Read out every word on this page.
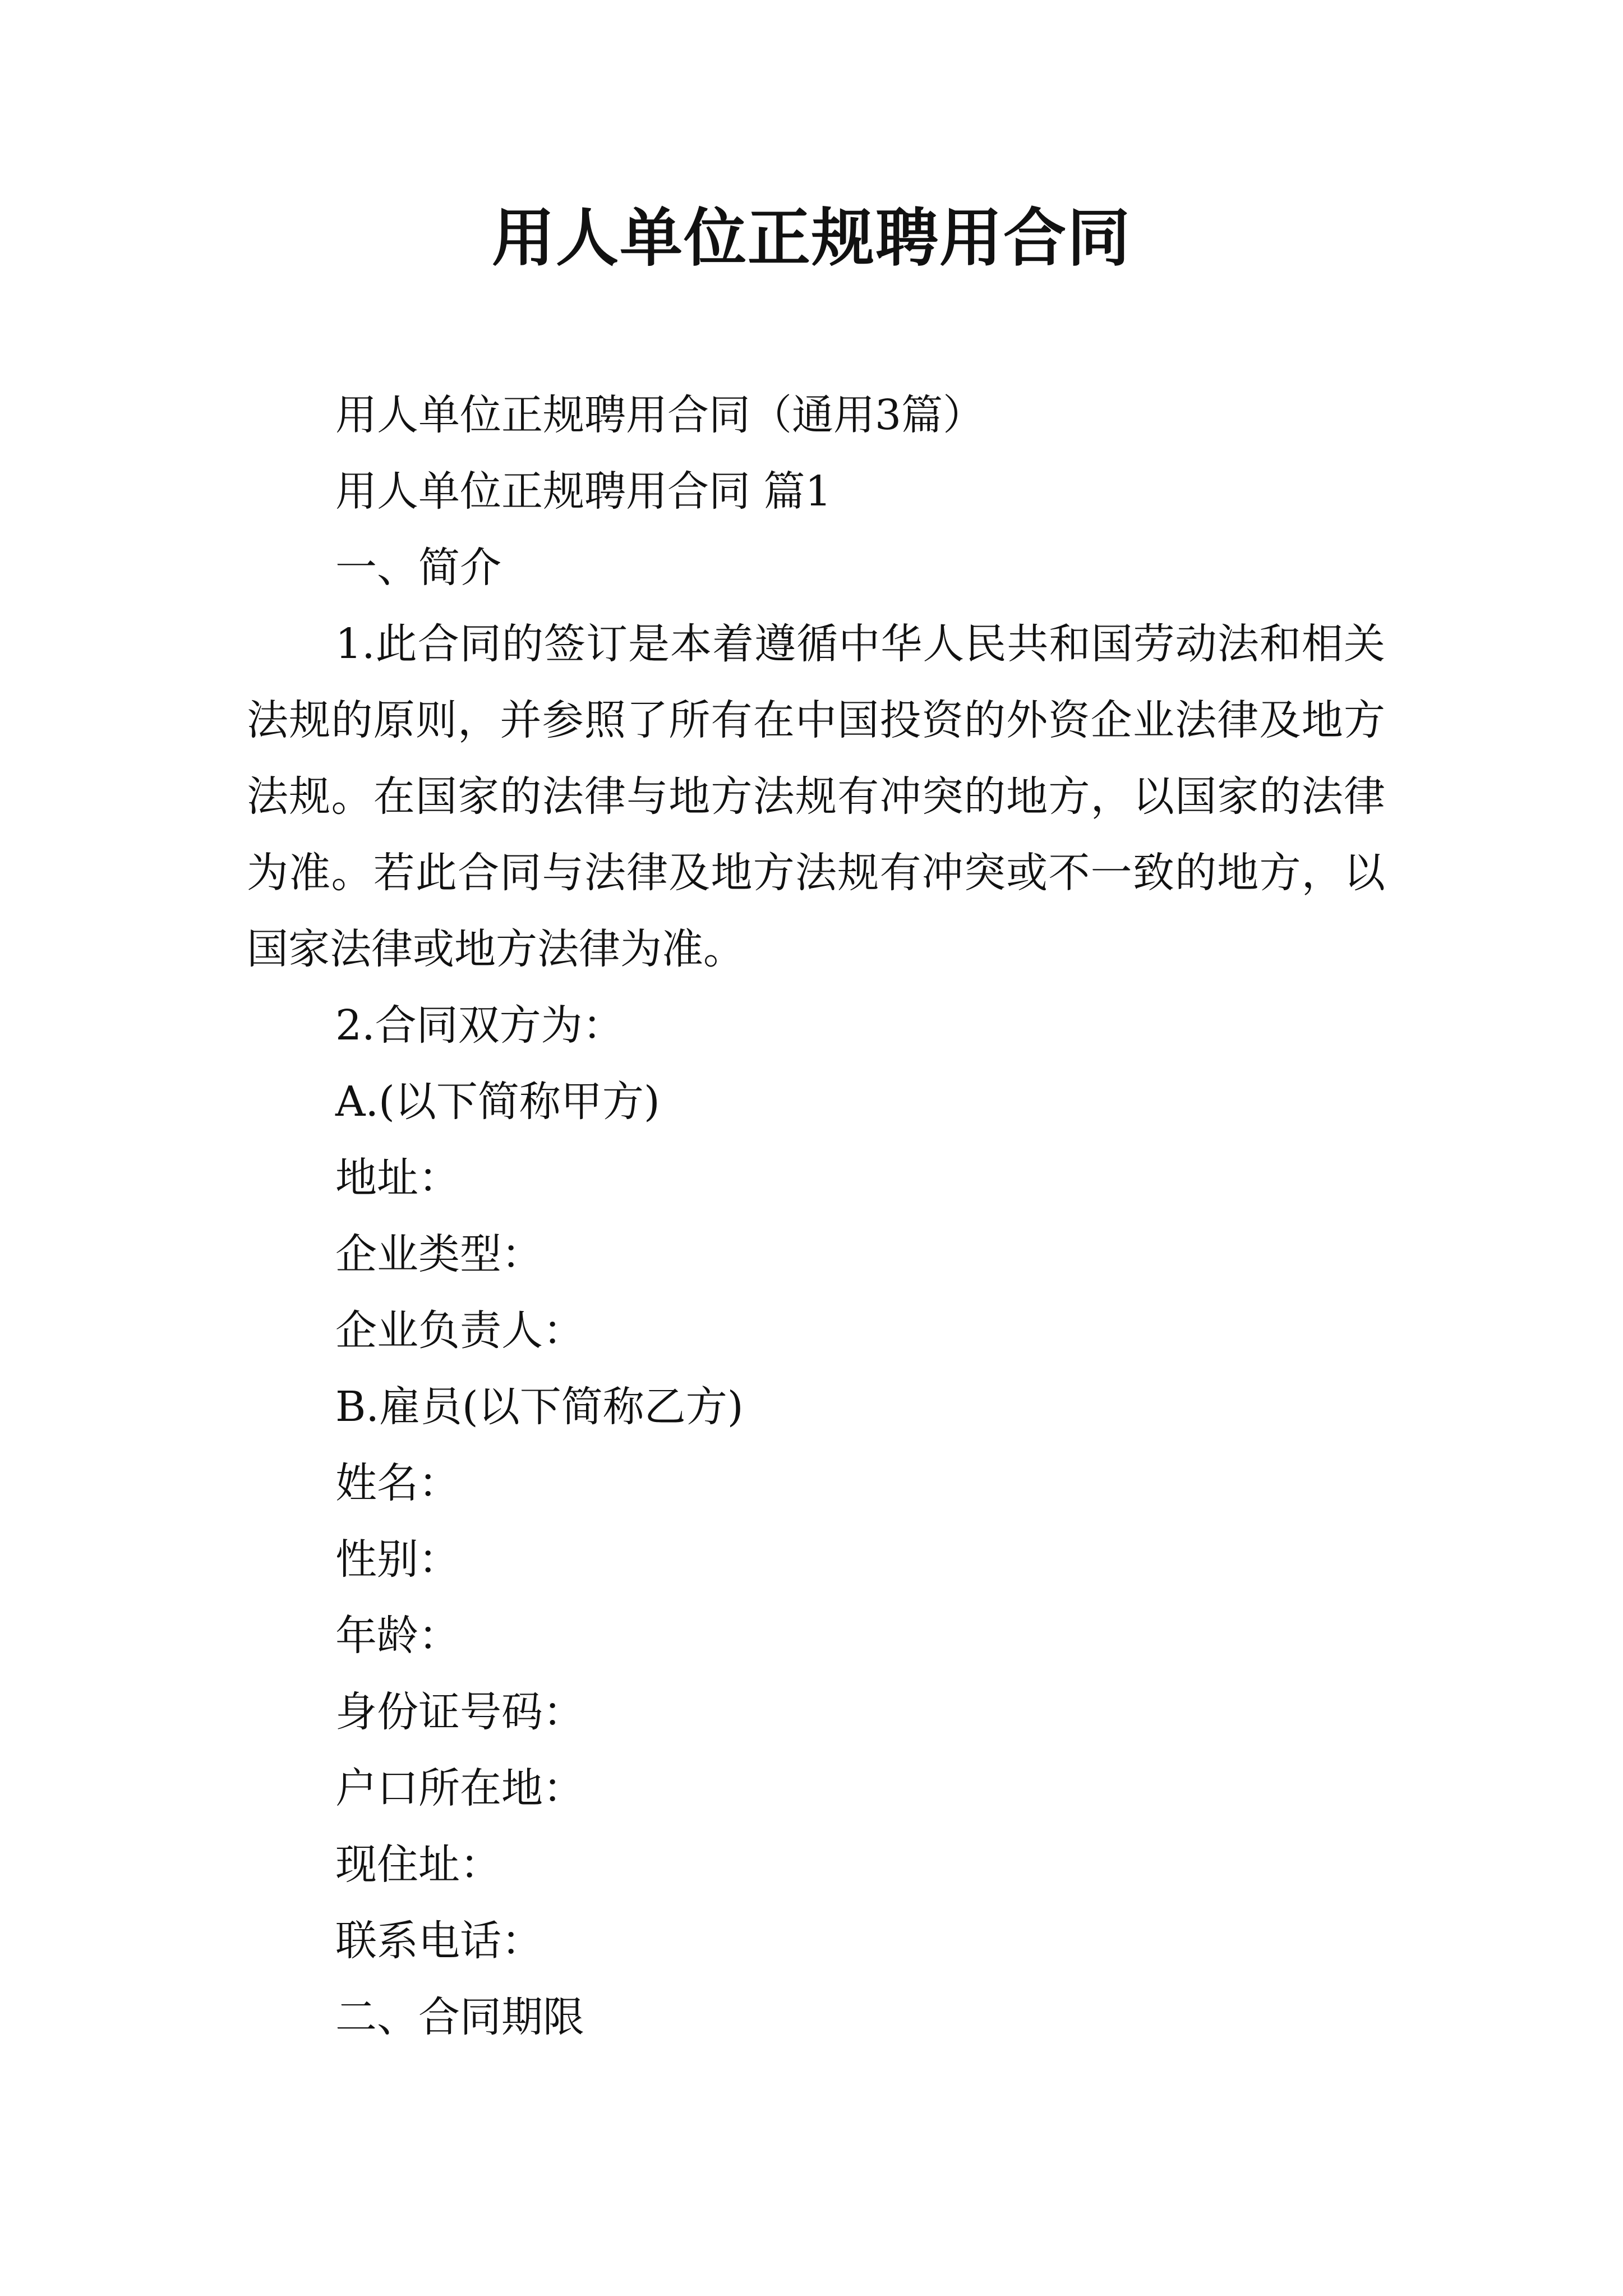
用人单位正规聘用合同

用人单位正规聘用合同（通用3篇）

用人单位正规聘用合同 篇1

一、简介

1.此合同的签订是本着遵循中华人民共和国劳动法和相关法规的原则，并参照了所有在中国投资的外资企业法律及地方法规。在国家的法律与地方法规有冲突的地方，以国家的法律为准。若此合同与法律及地方法规有冲突或不一致的地方，以国家法律或地方法律为准。

2.合同双方为：

A.(以下简称甲方)

地址：

企业类型：

企业负责人：

B.雇员(以下简称乙方)

姓名：

性别：

年龄：

身份证号码：

户口所在地：

现住址：

联系电话：

二、合同期限
